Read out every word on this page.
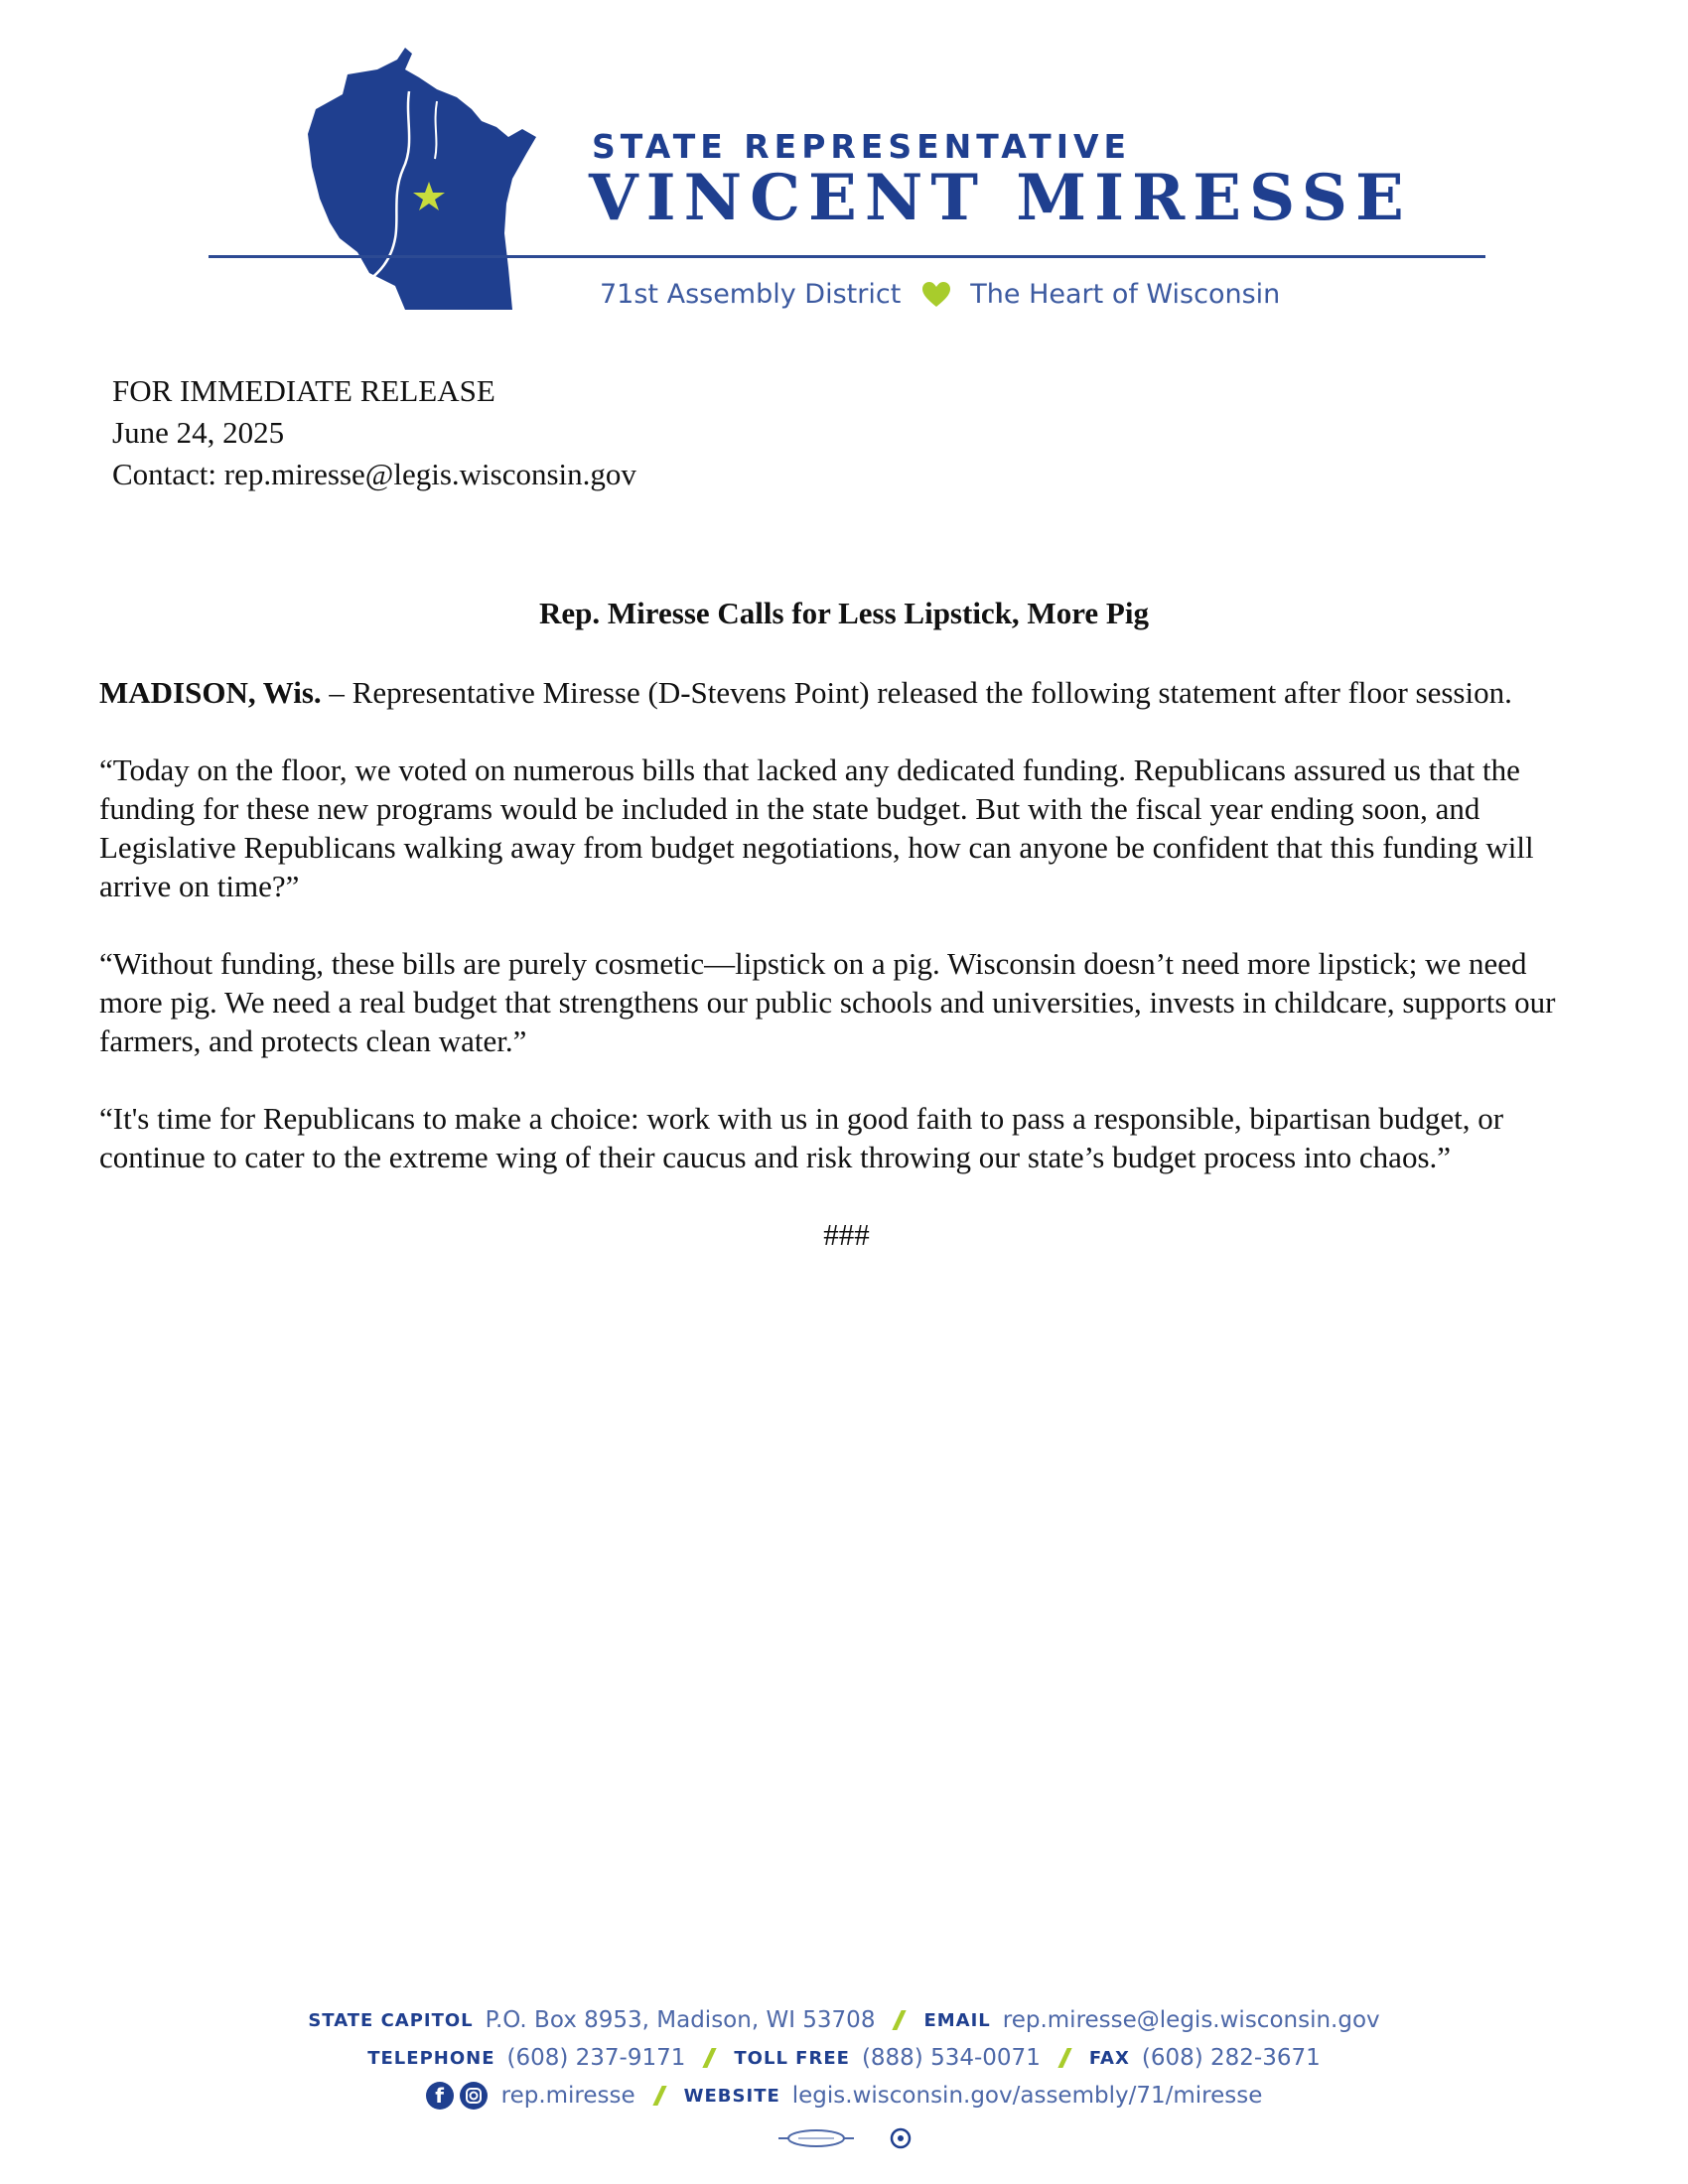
STATE REPRESENTATIVE
VINCENT MIRESSE
71st Assembly District	The Heart of Wisconsin
FOR IMMEDIATE RELEASE
June 24, 2025
Contact: rep.miresse@legis.wisconsin.gov
Rep. Miresse Calls for Less Lipstick, More Pig

MADISON, Wis. – Representative Miresse (D-Stevens Point) released the following statement after floor session.

“Today on the floor, we voted on numerous bills that lacked any dedicated funding. Republicans assured us that the funding for these new programs would be included in the state budget. But with the fiscal year ending soon, and Legislative Republicans walking away from budget negotiations, how can anyone be confident that this funding will arrive on time?”

“Without funding, these bills are purely cosmetic—lipstick on a pig. Wisconsin doesn’t need more lipstick; we need more pig. We need a real budget that strengthens our public schools and universities, invests in childcare, supports our farmers, and protects clean water.”

“It's time for Republicans to make a choice: work with us in good faith to pass a responsible, bipartisan budget, or continue to cater to the extreme wing of their caucus and risk throwing our state’s budget process into chaos.”

###

STATE CAPITOL P.O. Box 8953, Madison, WI 53708	EMAIL rep.miresse@legis.wisconsin.gov
TELEPHONE (608) 237-9171	TOLL FREE (888) 534-0071	FAX (608) 282-3671
f	rep.miresse	WEBSITE legis.wisconsin.gov/assembly/71/miresse
